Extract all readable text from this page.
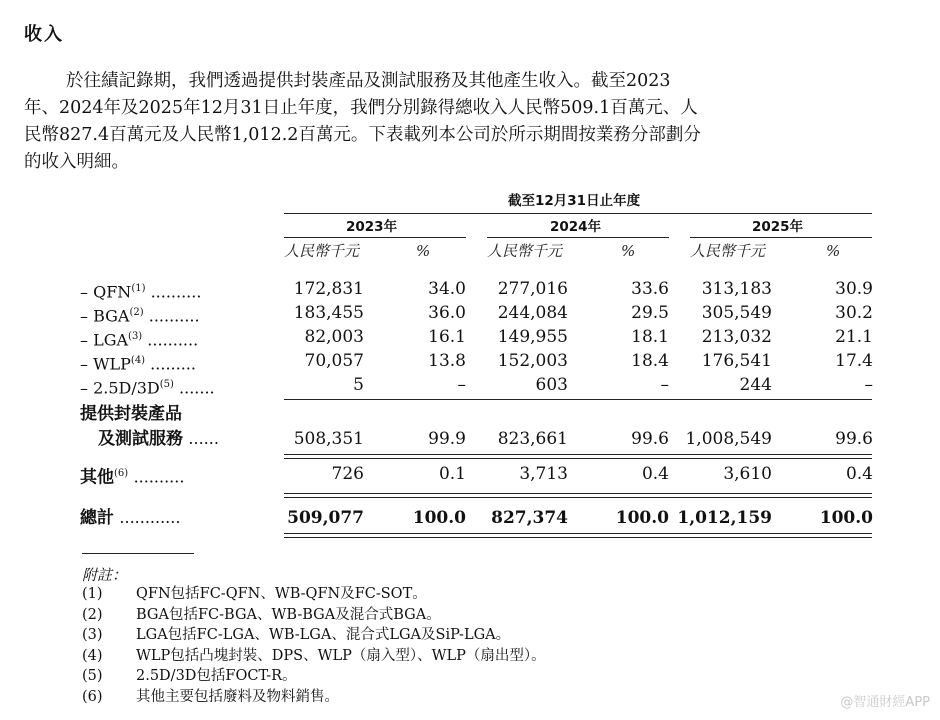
收入
於往績記錄期，我們透過提供封裝產品及測試服務及其他產生收入。截至2023
年、2024年及2025年12月31日止年度，我們分別錄得總收入人民幣509.1百萬元、人
民幣827.4百萬元及人民幣1,012.2百萬元。下表載列本公司於所示期間按業務分部劃分
的收入明細。
截至12月31日止年度
2023年	2024年	2025年
人民幣千元	%	人民幣千元	%	人民幣千元	%
– QFN$^{(1)}$ ..........	172,831	34.0	277,016	33.6	313,183	30.9
– BGA$^{(2)}$ ..........	183,455	36.0	244,084	29.5	305,549	30.2
– LGA$^{(3)}$ ..........	82,003	16.1	149,955	18.1	213,032	21.1
– WLP$^{(4)}$ .........	70,057	13.8	152,003	18.4	176,541	17.4
– $2.5D/3D^{(5)}$ .......	5	–	603	–	244	–
提供封裝產品
及測試服務 ......	508,351	99.9	823,661	99.6 1,008,549	99.6
其他$^{(6)}$ ..........	726	0.1	3,713	0.4	3,610	0.4
總計 ............	509,077	100.0	827,374	100.0 1,012,159	100.0
附註：
(1) QFN包括FC-QFN、WB-QFN及FC-SOT。
(2) BGA包括FC-BGA、WB-BGA及混合式BGA。
(3) LGA包括FC-LGA、WB-LGA、混合式LGA及SiP-LGA。
(4) WLP包括凸塊封裝、DPS、WLP（扇入型）、WLP（扇出型）。
(5) 2.5D/3D包括FOCT-R。
(6) 其他主要包括廢料及物料銷售。	@智通財經APP
